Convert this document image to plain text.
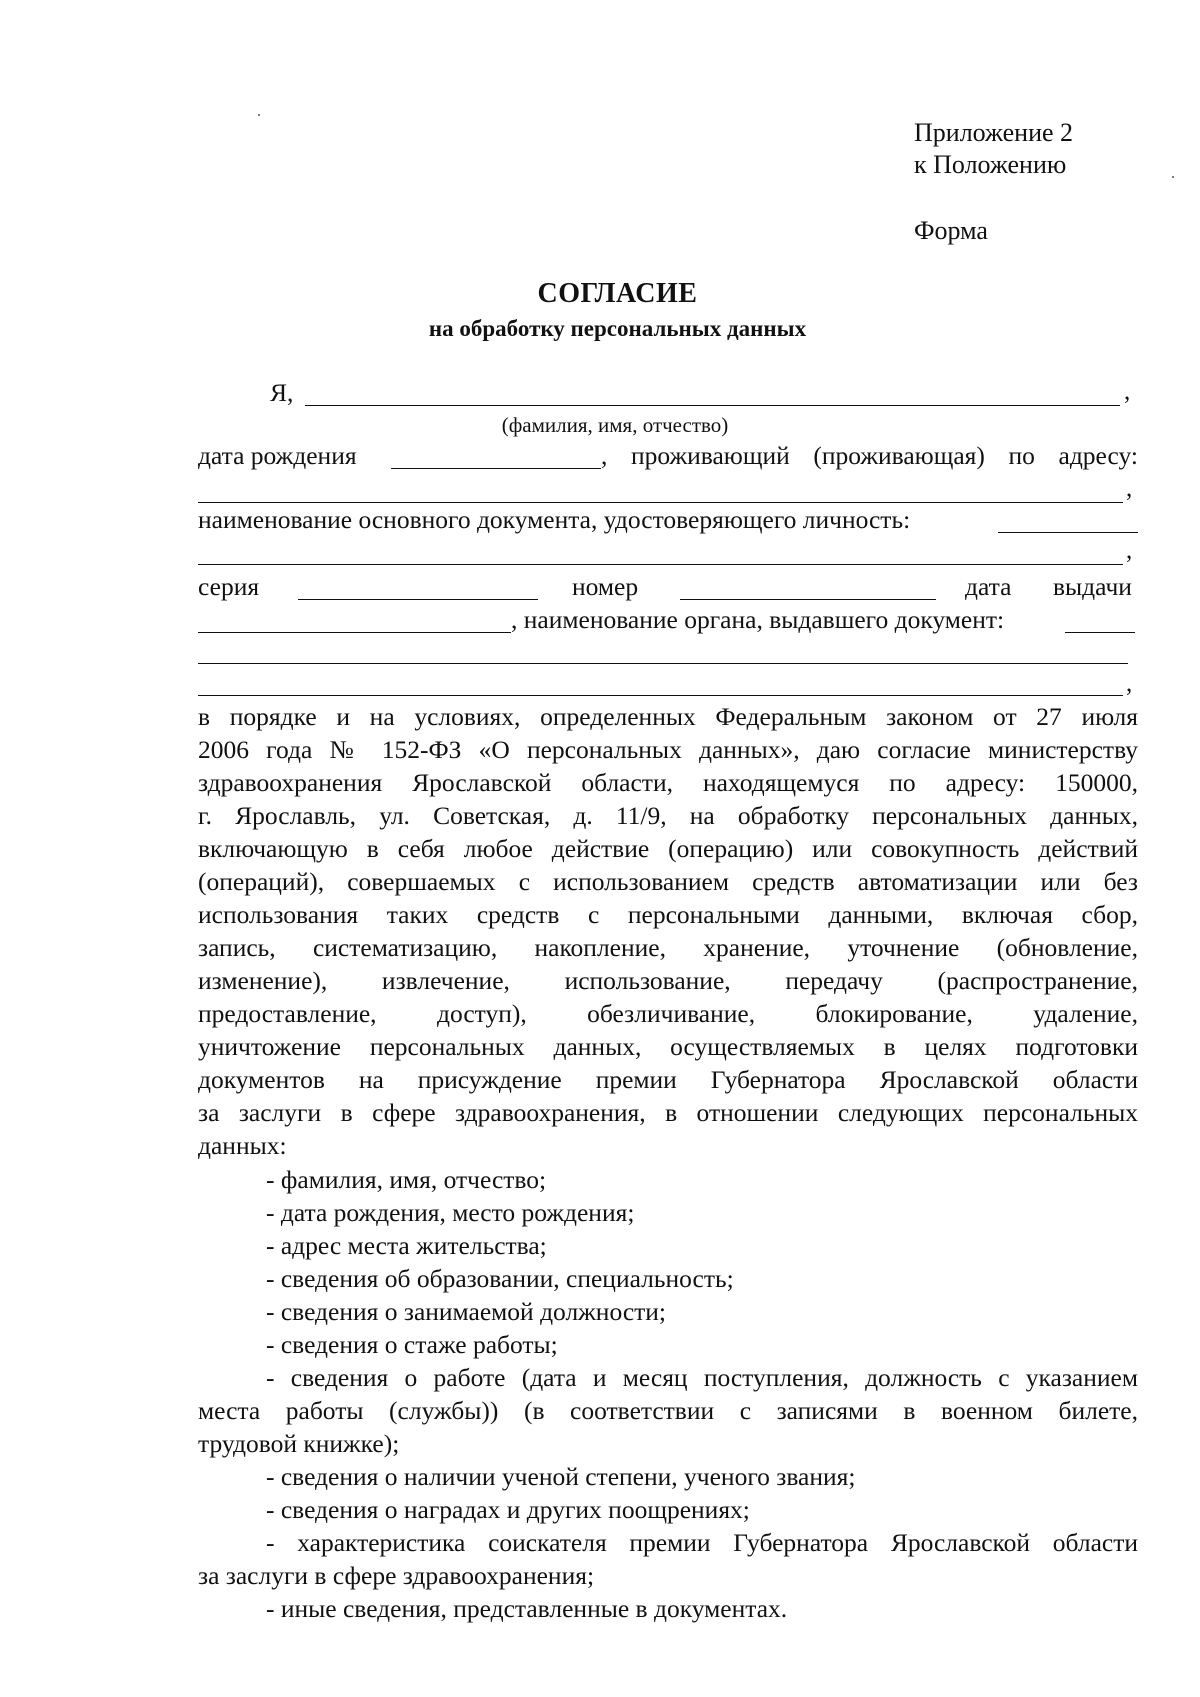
Приложение 2
к Положению
Форма
СОГЛАСИЕ
на обработку персональных данных
Я,	,
(фамилия, имя, отчество)
дата рождения	, проживающий (проживающая) по адресу:
,
наименование основного документа, удостоверяющего личность:
,
серия	номер	дата выдачи
, наименование органа, выдавшего документ:
,
в порядке и на условиях, определенных Федеральным законом от 27 июля
2006 года № 152-ФЗ «О персональных данных», даю согласие министерству
здравоохранения Ярославской области, находящемуся по адресу: 150000,
г. Ярославль, ул. Советская, д. 11/9, на обработку персональных данных,
включающую в себя любое действие (операцию) или совокупность действий
(операций), совершаемых с использованием средств автоматизации или без
использования таких средств с персональными данными, включая сбор,
запись, систематизацию, накопление, хранение, уточнение (обновление,
изменение), извлечение, использование, передачу (распространение,
предоставление, доступ), обезличивание, блокирование, удаление,
уничтожение персональных данных, осуществляемых в целях подготовки
документов на присуждение премии Губернатора Ярославской области
за заслуги в сфере здравоохранения, в отношении следующих персональных
данных:
- фамилия, имя, отчество;
- дата рождения, место рождения;
- адрес места жительства;
- сведения об образовании, специальность;
- сведения о занимаемой должности;
- сведения о стаже работы;
- сведения о работе (дата и месяц поступления, должность с указанием
места работы (службы)) (в соответствии с записями в военном билете,
трудовой книжке);
- сведения о наличии ученой степени, ученого звания;
- сведения о наградах и других поощрениях;
- характеристика соискателя премии Губернатора Ярославской области
за заслуги в сфере здравоохранения;
- иные сведения, представленные в документах.
